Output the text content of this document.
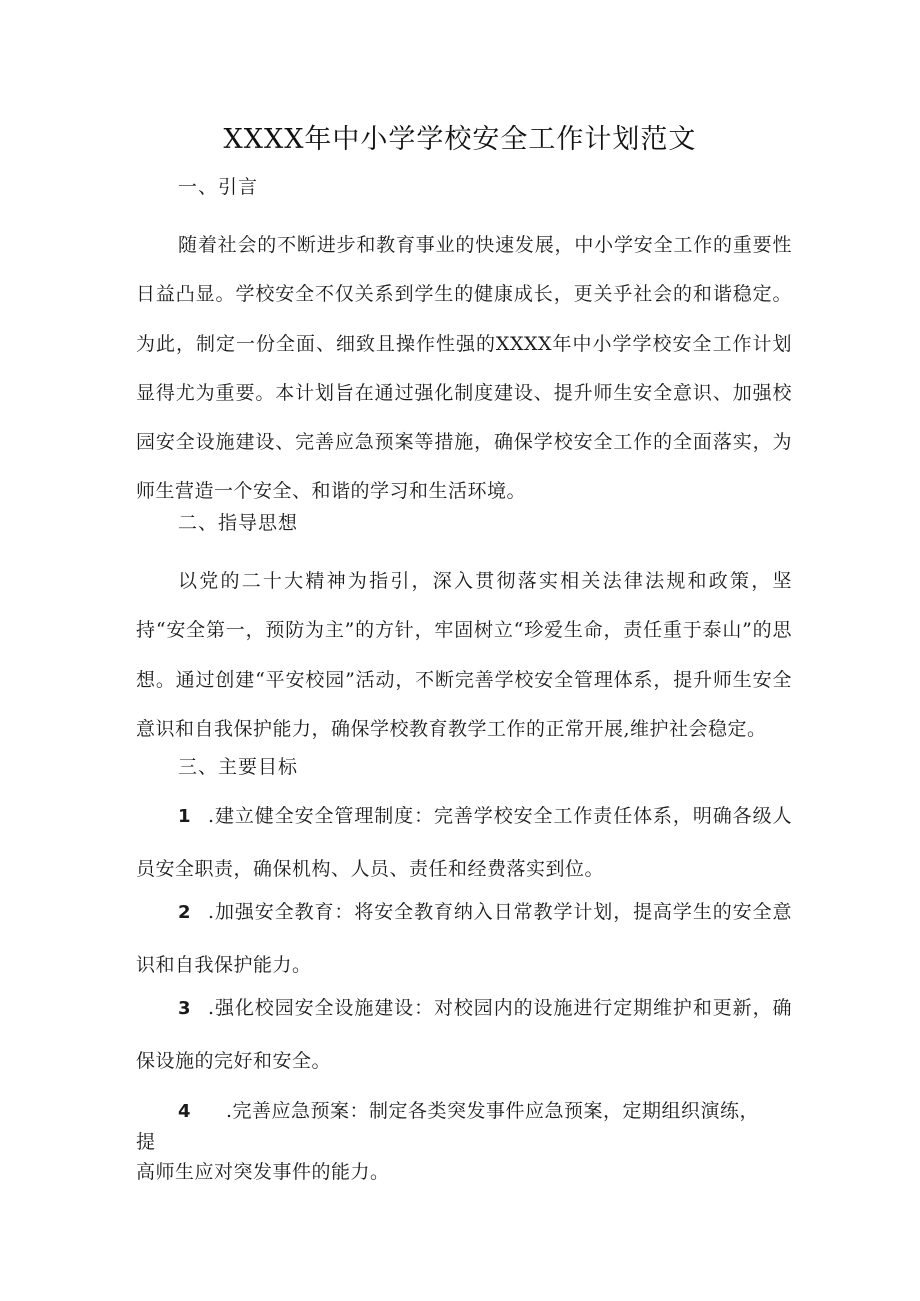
XXXX年中小学学校安全工作计划范文
一、引言

随着社会的不断进步和教育事业的快速发展，中小学安全工作的重要性日益凸显。学校安全不仅关系到学生的健康成长，更关乎社会的和谐稳定。为此，制定一份全面、细致且操作性强的XXXX年中小学学校安全工作计划显得尤为重要。本计划旨在通过强化制度建设、提升师生安全意识、加强校园安全设施建设、完善应急预案等措施，确保学校安全工作的全面落实，为师生营造一个安全、和谐的学习和生活环境。

二、指导思想

以党的二十大精神为指引，深入贯彻落实相关法律法规和政策，坚持“安全第一，预防为主”的方针，牢固树立“珍爱生命，责任重于泰山”的思想。通过创建“平安校园”活动，不断完善学校安全管理体系，提升师生安全意识和自我保护能力，确保学校教育教学工作的正常开展,维护社会稳定。

三、主要目标

1 .建立健全安全管理制度：完善学校安全工作责任体系，明确各级人员安全职责，确保机构、人员、责任和经费落实到位。

2 .加强安全教育：将安全教育纳入日常教学计划，提高学生的安全意识和自我保护能力。

3 .强化校园安全设施建设：对校园内的设施进行定期维护和更新，确保设施的完好和安全。

4 .完善应急预案：制定各类突发事件应急预案，定期组织演练，提
高师生应对突发事件的能力。
